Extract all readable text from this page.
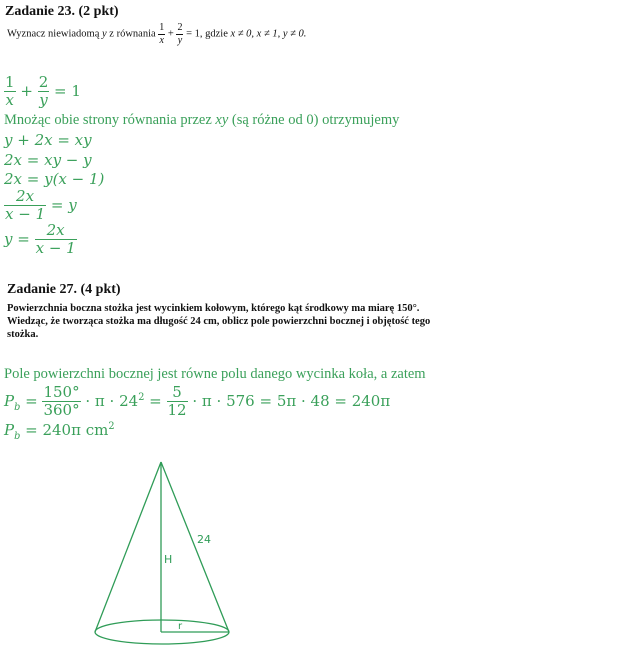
Zadanie 23. (2 pkt)
Wyznacz niewiadomą y z równania $\frac{1}{x} + \frac{2}{y} = 1$, gdzie x ≠ 0, x ≠ 1, y ≠ 0.
$\frac{1}{x} + \frac{2}{y} = 1$
Mnożąc obie strony równania przez xy (są różne od 0) otrzymujemy
y + 2x = xy
2x = xy − y
2x = y(x − 1)
$\frac{2x}{x - 1} = y$
$y = \frac{2x}{x - 1}$
Zadanie 27. (4 pkt)
Powierzchnia boczna stożka jest wycinkiem kołowym, którego kąt środkowy ma miarę 150°.
Wiedząc, że tworząca stożka ma długość 24 cm, oblicz pole powierzchni bocznej i objętość tego
stożka.
Pole powierzchni bocznej jest równe polu danego wycinka koła, a zatem
$P_b = \frac{150^\circ}{360^\circ} \cdot \pi \cdot 24^2 = \frac{5}{12} \cdot \pi \cdot 576 = 5\pi \cdot 48 = 240\pi$
$P_b = 240\pi$ $cm^2$
H
24
r
